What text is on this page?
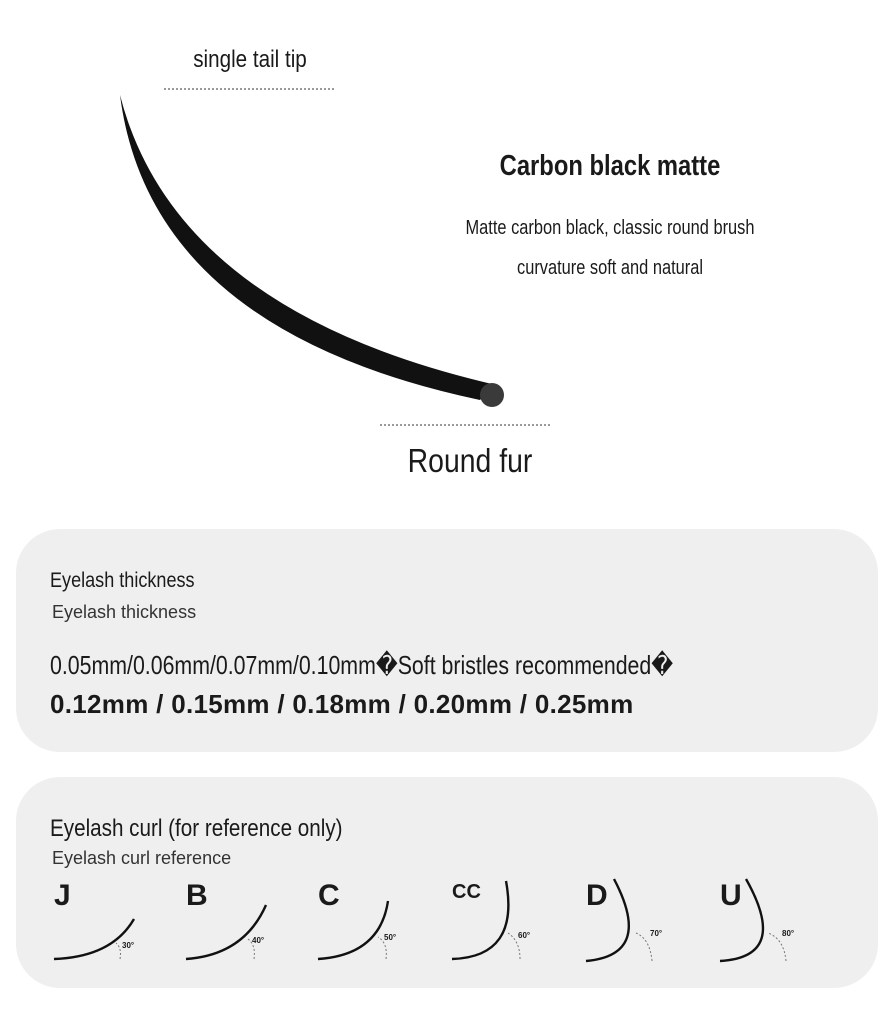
single tail tip
Carbon black matte
Matte carbon black, classic round brush
curvature soft and natural
Round fur
Eyelash thickness
Eyelash thickness
0.05mm/0.06mm/0.07mm/0.10mm�Soft bristles recommended�
0.12mm / 0.15mm / 0.18mm / 0.20mm / 0.25mm
Eyelash curl (for reference only)
Eyelash curl reference
J
30°
B
40°
C
50°
CC
60°
D
70°
U
80°
